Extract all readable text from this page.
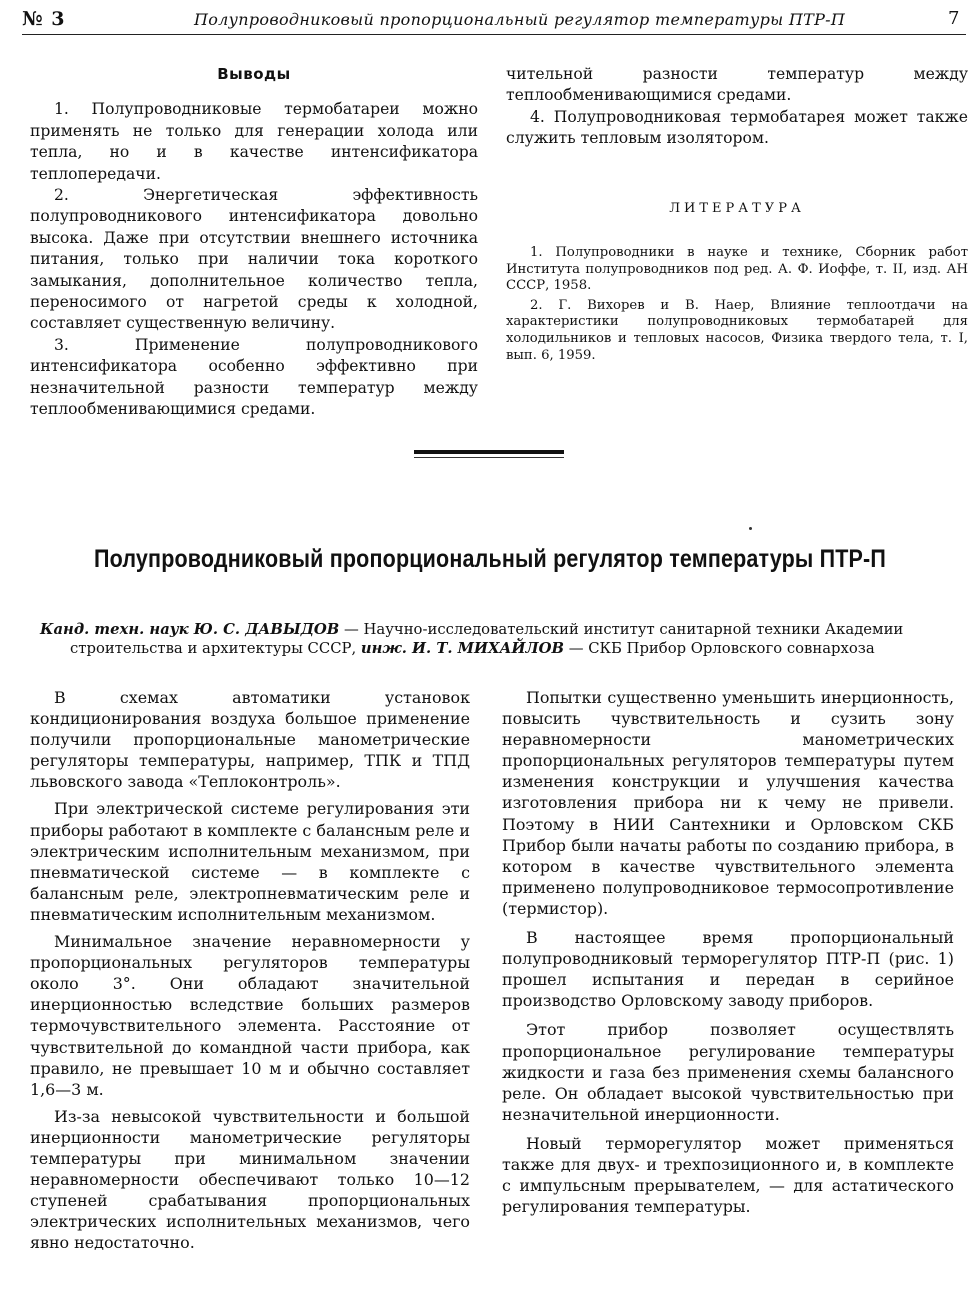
№ 3	Полупроводниковый пропорциональный регулятор температуры ПТР-П	7
Выводы

1. Полупроводниковые термобатареи можно применять не только для генерации холода или тепла, но и в качестве интенсификатора теплопередачи.

2. Энергетическая эффективность полупроводникового интенсификатора довольно высока. Даже при отсутствии внешнего источника питания, только при наличии тока короткого замыкания, дополнительное количество тепла, переносимого от нагретой среды к холодной, составляет существенную величину.

3. Применение полупроводникового интенсификатора особенно эффективно при незначительной разности температур между теплообменивающимися средами.

чительной разности температур между теплообменивающимися средами.

4. Полупроводниковая термобатарея может также служить тепловым изолятором.

ЛИТЕРАТУРА

1. Полупроводники в науке и технике, Сборник работ Института полупроводников под ред. А. Ф. Иоффе, т. II, изд. АН СССР, 1958.

2. Г. Вихорев и В. Наер, Влияние теплоотдачи на характеристики полупроводниковых термобатарей для холодильников и тепловых насосов, Физика твердого тела, т. I, вып. 6, 1959.

Полупроводниковый пропорциональный регулятор температуры ПТР-П
Канд. техн. наук Ю. С. ДАВЫДОВ — Научно-исследовательский институт санитарной техники Академии
строительства и архитектуры СССР, инж. И. Т. МИХАЙЛОВ — СКБ Прибор Орловского совнархоза

В схемах автоматики установок кондиционирования воздуха большое применение получили пропорциональные манометрические регуляторы температуры, например, ТПК и ТПД львовского завода «Теплоконтроль».

При электрической системе регулирования эти приборы работают в комплекте с балансным реле и электрическим исполнительным механизмом, при пневматической системе — в комплекте с балансным реле, электропневматическим реле и пневматическим исполнительным механизмом.

Минимальное значение неравномерности у пропорциональных регуляторов температуры около 3°. Они обладают значительной инерционностью вследствие больших размеров термочувствительного элемента. Расстояние от чувствительной до командной части прибора, как правило, не превышает 10 м и обычно составляет 1,6—3 м.

Из-за невысокой чувствительности и большой инерционности манометрические регуляторы температуры при минимальном значении неравномерности обеспечивают только 10—12 ступеней срабатывания пропорциональных электрических исполнительных механизмов, чего явно недостаточно.

Попытки существенно уменьшить инерционность, повысить чувствительность и сузить зону неравномерности манометрических пропорциональных регуляторов температуры путем изменения конструкции и улучшения качества изготовления прибора ни к чему не привели. Поэтому в НИИ Сантехники и Орловском СКБ Прибор были начаты работы по созданию прибора, в котором в качестве чувствительного элемента применено полупроводниковое термосопротивление (термистор).

В настоящее время пропорциональный полупроводниковый терморегулятор ПТР-П (рис. 1) прошел испытания и передан в серийное производство Орловскому заводу приборов.

Этот прибор позволяет осуществлять пропорциональное регулирование температуры жидкости и газа без применения схемы балансного реле. Он обладает высокой чувствительностью при незначительной инерционности.

Новый терморегулятор может применяться также для двух- и трехпозиционного и, в комплекте с импульсным прерывателем, — для астатического регулирования температуры.
